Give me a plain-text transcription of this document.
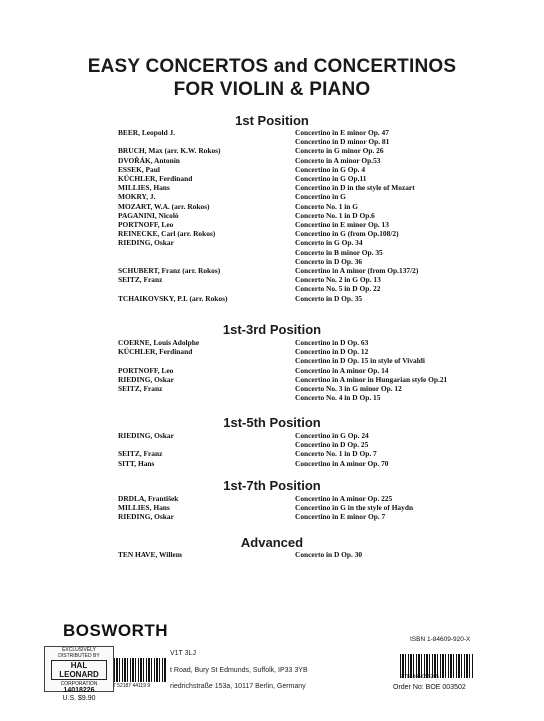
EASY CONCERTOS and CONCERTINOS
FOR VIOLIN & PIANO
1st Position
BEER, Leopold J.	Concertino in E minor Op. 47
Concertino in D minor Op. 81
BRUCH, Max (arr. K.W. Rokos)	Concerto in G minor Op. 26
DVOŘÁK, Antonín	Concerto in A minor Op.53
ESSEK, Paul	Concertino in G Op. 4
KÜCHLER, Ferdinand	Concertino in G Op.11
MILLIES, Hans	Concertino in D in the style of Mozart
MOKRY, J.	Concertino in G
MOZART, W.A. (arr. Rokos)	Concerto No. 1 in G
PAGANINI, Nicolò	Concerto No. 1 in D Op.6
PORTNOFF, Leo	Concertino in E minor Op. 13
REINECKE, Carl (arr. Rokos)	Concertino in G (from Op.108/2)
RIEDING, Oskar	Concerto in G Op. 34
Concerto in B minor Op. 35
Concerto in D Op. 36
SCHUBERT, Franz (arr. Rokos)	Concertino in A minor (from Op.137/2)
SEITZ, Franz	Concerto No. 2 in G Op. 13
Concerto No. 5 in D Op. 22
TCHAIKOVSKY, P.I. (arr. Rokos)	Concerto in D Op. 35
1st-3rd Position
COERNE, Louis Adolphe	Concertino in D Op. 63
KÜCHLER, Ferdinand	Concertino in D Op. 12
Concertino in D Op. 15 in style of Vivaldi
PORTNOFF, Leo	Concertino in A minor Op. 14
RIEDING, Oskar	Concertino in A minor in Hungarian style Op.21
SEITZ, Franz	Concerto No. 3 in G minor Op. 12
Concerto No. 4 in D Op. 15
1st-5th Position
RIEDING, Oskar	Concertino in G Op. 24
Concertino in D Op. 25
SEITZ, Franz	Concerto No. 1 in D Op. 7
SITT, Hans	Concertino in A minor Op. 70
1st-7th Position
DRDLA, František	Concertino in A minor Op. 225
MILLIES, Hans	Concertino in G in the style of Haydn
RIEDING, Oskar	Concertino in E minor Op. 7
Advanced
TEN HAVE, Willem	Concerto in D Op. 30
BOSWORTH
EXCLUSIVELY
DISTRIBUTED BY
HAL LEONARD
CORPORATION
14018226
U.S. $9.90
7 52187 44119 9
V1T 3LJ
t Road, Bury St Edmunds, Suffolk, IP33 3YB
riedrichstraße 153a, 10117 Berlin, Germany
ISBN 1-84609-920-X
9 781846 099205
Order No: BOE 003502
